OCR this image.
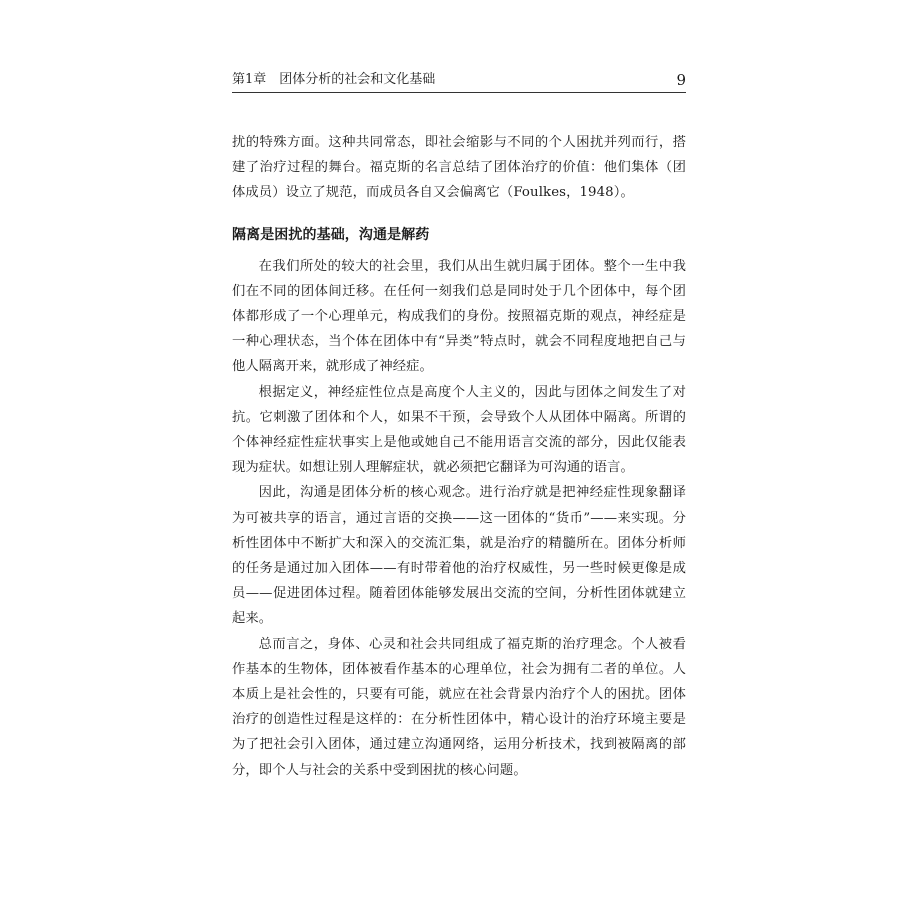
第1章　团体分析的社会和文化基础	9

扰的特殊方面。这种共同常态，即社会缩影与不同的个人困扰并列而行，搭建了治疗过程的舞台。福克斯的名言总结了团体治疗的价值：他们集体（团体成员）设立了规范，而成员各自又会偏离它（Foulkes，1948）。

隔离是困扰的基础，沟通是解药

在我们所处的较大的社会里，我们从出生就归属于团体。整个一生中我们在不同的团体间迁移。在任何一刻我们总是同时处于几个团体中，每个团体都形成了一个心理单元，构成我们的身份。按照福克斯的观点，神经症是一种心理状态，当个体在团体中有“异类”特点时，就会不同程度地把自己与他人隔离开来，就形成了神经症。

根据定义，神经症性位点是高度个人主义的，因此与团体之间发生了对抗。它刺激了团体和个人，如果不干预，会导致个人从团体中隔离。所谓的个体神经症性症状事实上是他或她自己不能用语言交流的部分，因此仅能表现为症状。如想让别人理解症状，就必须把它翻译为可沟通的语言。

因此，沟通是团体分析的核心观念。进行治疗就是把神经症性现象翻译为可被共享的语言，通过言语的交换——这一团体的“货币”——来实现。分析性团体中不断扩大和深入的交流汇集，就是治疗的精髓所在。团体分析师的任务是通过加入团体——有时带着他的治疗权威性，另一些时候更像是成员——促进团体过程。随着团体能够发展出交流的空间，分析性团体就建立起来。

总而言之，身体、心灵和社会共同组成了福克斯的治疗理念。个人被看作基本的生物体，团体被看作基本的心理单位，社会为拥有二者的单位。人本质上是社会性的，只要有可能，就应在社会背景内治疗个人的困扰。团体治疗的创造性过程是这样的：在分析性团体中，精心设计的治疗环境主要是为了把社会引入团体，通过建立沟通网络，运用分析技术，找到被隔离的部分，即个人与社会的关系中受到困扰的核心问题。
